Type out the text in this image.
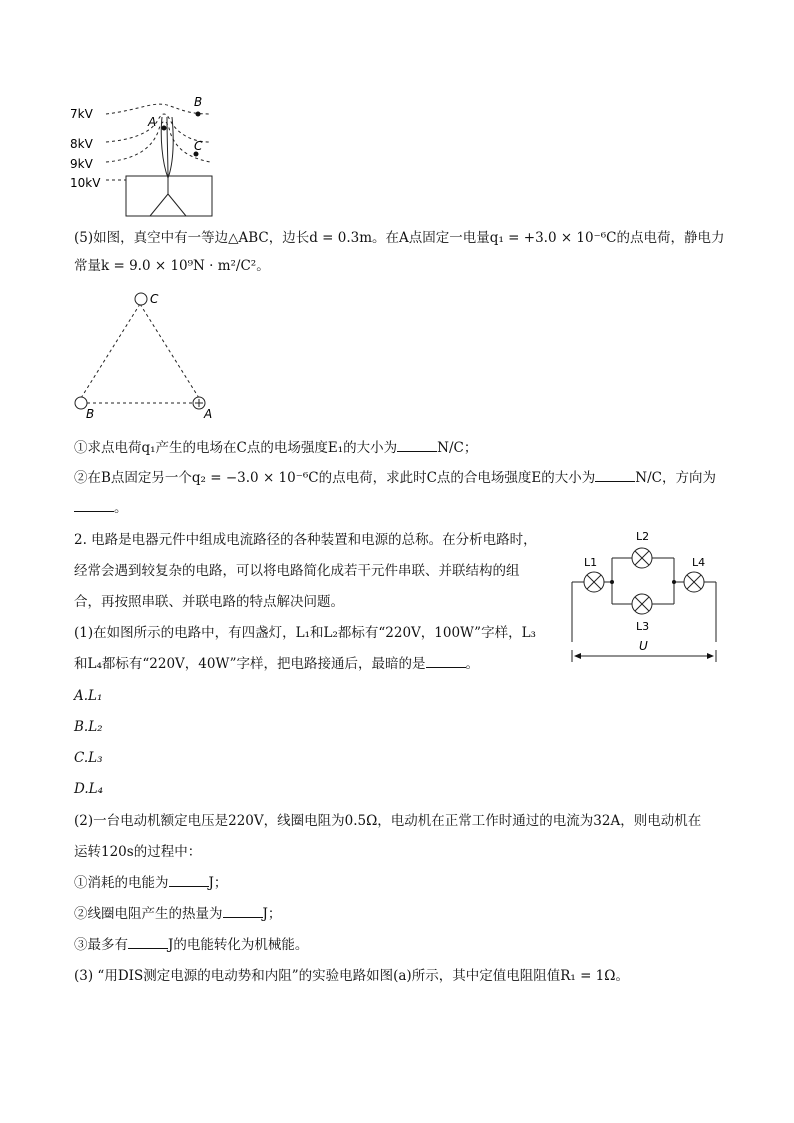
7kV
8kV
9kV
10kV
A
B
C
(5)如图，真空中有一等边△ABC，边长d = 0.3m。在A点固定一电量q₁ = +3.0 × 10⁻⁶C的点电荷，静电力
常量k = 9.0 × 10⁹N · m²/C²。
C
B	A
①求点电荷q₁产生的电场在C点的电场强度E₁的大小为	N/C；
②在B点固定另一个q₂ = −3.0 × 10⁻⁶C的点电荷，求此时C点的合电场强度E的大小为	N/C，方向为
。
2. 电路是电器元件中组成电流路径的各种装置和电源的总称。在分析电路时，
经常会遇到较复杂的电路，可以将电路简化成若干元件串联、并联结构的组
合，再按照串联、并联电路的特点解决问题。
(1)在如图所示的电路中，有四盏灯，L₁和L₂都标有“220V，100W”字样，L₃
和L₄都标有“220V，40W”字样，把电路接通后，最暗的是	。
L1
L2
L3
L4
U
A.L₁
B.L₂
C.L₃
D.L₄
(2)一台电动机额定电压是220V，线圈电阻为0.5Ω，电动机在正常工作时通过的电流为32A，则电动机在
运转120s的过程中：
①消耗的电能为	J；
②线圈电阻产生的热量为	J；
③最多有	J的电能转化为机械能。
(3) “用DIS测定电源的电动势和内阻”的实验电路如图(a)所示，其中定值电阻阻值R₁ = 1Ω。
